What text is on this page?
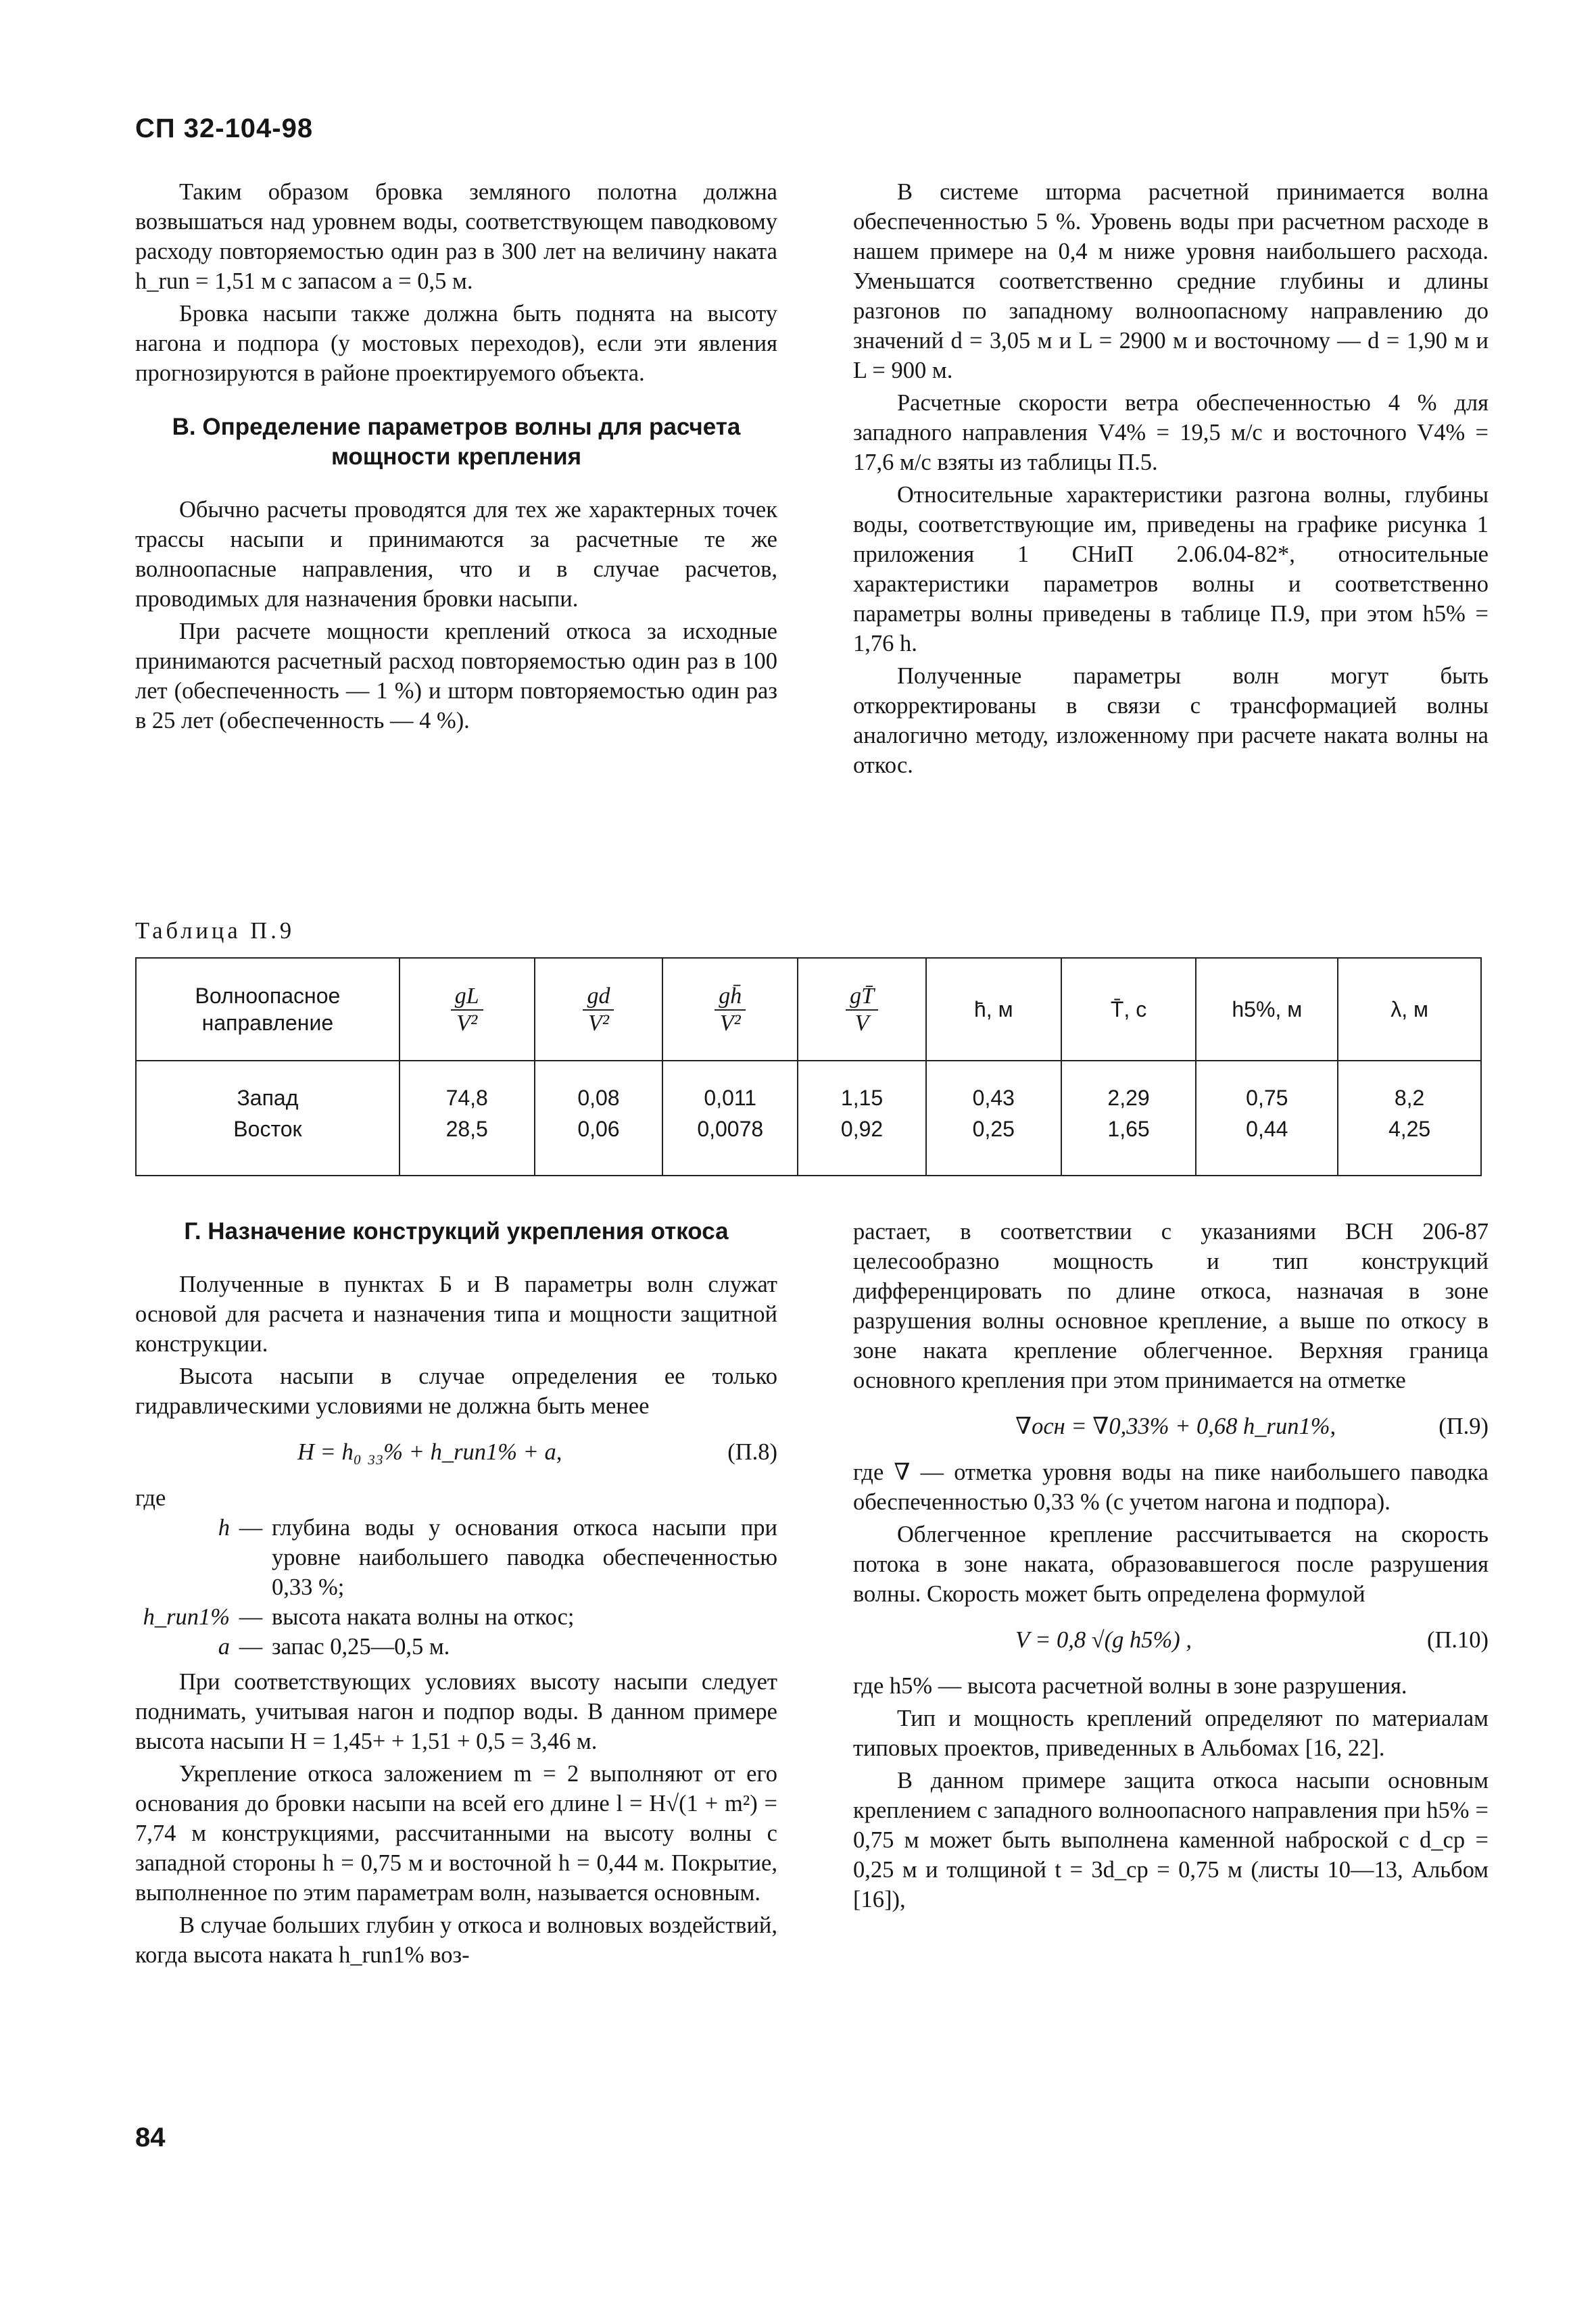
СП 32-104-98

Таким образом бровка земляного полотна должна возвышаться над уровнем воды, соответствующем паводковому расходу повторяемостью один раз в 300 лет на величину наката h_run = 1,51 м с запасом a = 0,5 м.

Бровка насыпи также должна быть поднята на высоту нагона и подпора (у мостовых переходов), если эти явления прогнозируются в районе проектируемого объекта.

В. Определение параметров волны для расчета мощности крепления

Обычно расчеты проводятся для тех же характерных точек трассы насыпи и принимаются за расчетные те же волноопасные направления, что и в случае расчетов, проводимых для назначения бровки насыпи.

При расчете мощности креплений откоса за исходные принимаются расчетный расход повторяемостью один раз в 100 лет (обеспеченность — 1 %) и шторм повторяемостью один раз в 25 лет (обеспеченность — 4 %).

В системе шторма расчетной принимается волна обеспеченностью 5 %. Уровень воды при расчетном расходе в нашем примере на 0,4 м ниже уровня наибольшего расхода. Уменьшатся соответственно средние глубины и длины разгонов по западному волноопасному направлению до значений d = 3,05 м и L = 2900 м и восточному — d = 1,90 м и L = 900 м.

Расчетные скорости ветра обеспеченностью 4 % для западного направления V4% = 19,5 м/с и восточного V4% = 17,6 м/с взяты из таблицы П.5.

Относительные характеристики разгона волны, глубины воды, соответствующие им, приведены на графике рисунка 1 приложения 1 СНиП 2.06.04-82*, относительные характеристики параметров волны и соответственно параметры волны приведены в таблице П.9, при этом h5% = 1,76 h.

Полученные параметры волн могут быть откорректированы в связи с трансформацией волны аналогично методу, изложенному при расчете наката волны на откос.

Таблица П.9
Волноопасное направление	$\frac{gL}{\text{V²}}$	$\frac{gd}{\text{V²}}$	$\frac{gh̄}{\text{V²}}$	$\frac{gT̄}{V}$	h̄, м	T̄, с	h5%, м	λ, м
Запад	74,8	0,08	0,011	1,15	0,43	2,29	0,75	8,2
Восток	28,5	0,06	0,0078	0,92	0,25	1,65	0,44	4,25
Г. Назначение конструкций укрепления откоса

Полученные в пунктах Б и В параметры волн служат основой для расчета и назначения типа и мощности защитной конструкции.

Высота насыпи в случае определения ее только гидравлическими условиями не должна быть менее

H = h₀ ₃₃% + h_run1% + a,	(П.8)
где
h — глубина воды у основания откоса насыпи при уровне наибольшего паводка обеспеченностью 0,33 %;
h_run1% — высота наката волны на откос;
a — запас 0,25—0,5 м.

При соответствующих условиях высоту насыпи следует поднимать, учитывая нагон и подпор воды. В данном примере высота насыпи H = 1,45+ + 1,51 + 0,5 = 3,46 м.

Укрепление откоса заложением m = 2 выполняют от его основания до бровки насыпи на всей его длине l = H√(1 + m²) = 7,74 м конструкциями, рассчитанными на высоту волны с западной стороны h = 0,75 м и восточной h = 0,44 м. Покрытие, выполненное по этим параметрам волн, называется основным.

В случае больших глубин у откоса и волновых воздействий, когда высота наката h_run1% воз-

растает, в соответствии с указаниями ВСН 206-87 целесообразно мощность и тип конструкций дифференцировать по длине откоса, назначая в зоне разрушения волны основное крепление, а выше по откосу в зоне наката крепление облегченное. Верхняя граница основного крепления при этом принимается на отметке

∇осн = ∇0,33% + 0,68 h_run1%,	(П.9)

где ∇ — отметка уровня воды на пике наибольшего паводка обеспеченностью 0,33 % (с учетом нагона и подпора).

Облегченное крепление рассчитывается на скорость потока в зоне наката, образовавшегося после разрушения волны. Скорость может быть определена формулой

V = 0,8 √(g h5%) ,	(П.10)

где h5% — высота расчетной волны в зоне разрушения.

Тип и мощность креплений определяют по материалам типовых проектов, приведенных в Альбомах [16, 22].

В данном примере защита откоса насыпи основным креплением с западного волноопасного направления при h5% = 0,75 м может быть выполнена каменной наброской с d_ср = 0,25 м и толщиной t = 3d_ср = 0,75 м (листы 10—13, Альбом [16]),

84
